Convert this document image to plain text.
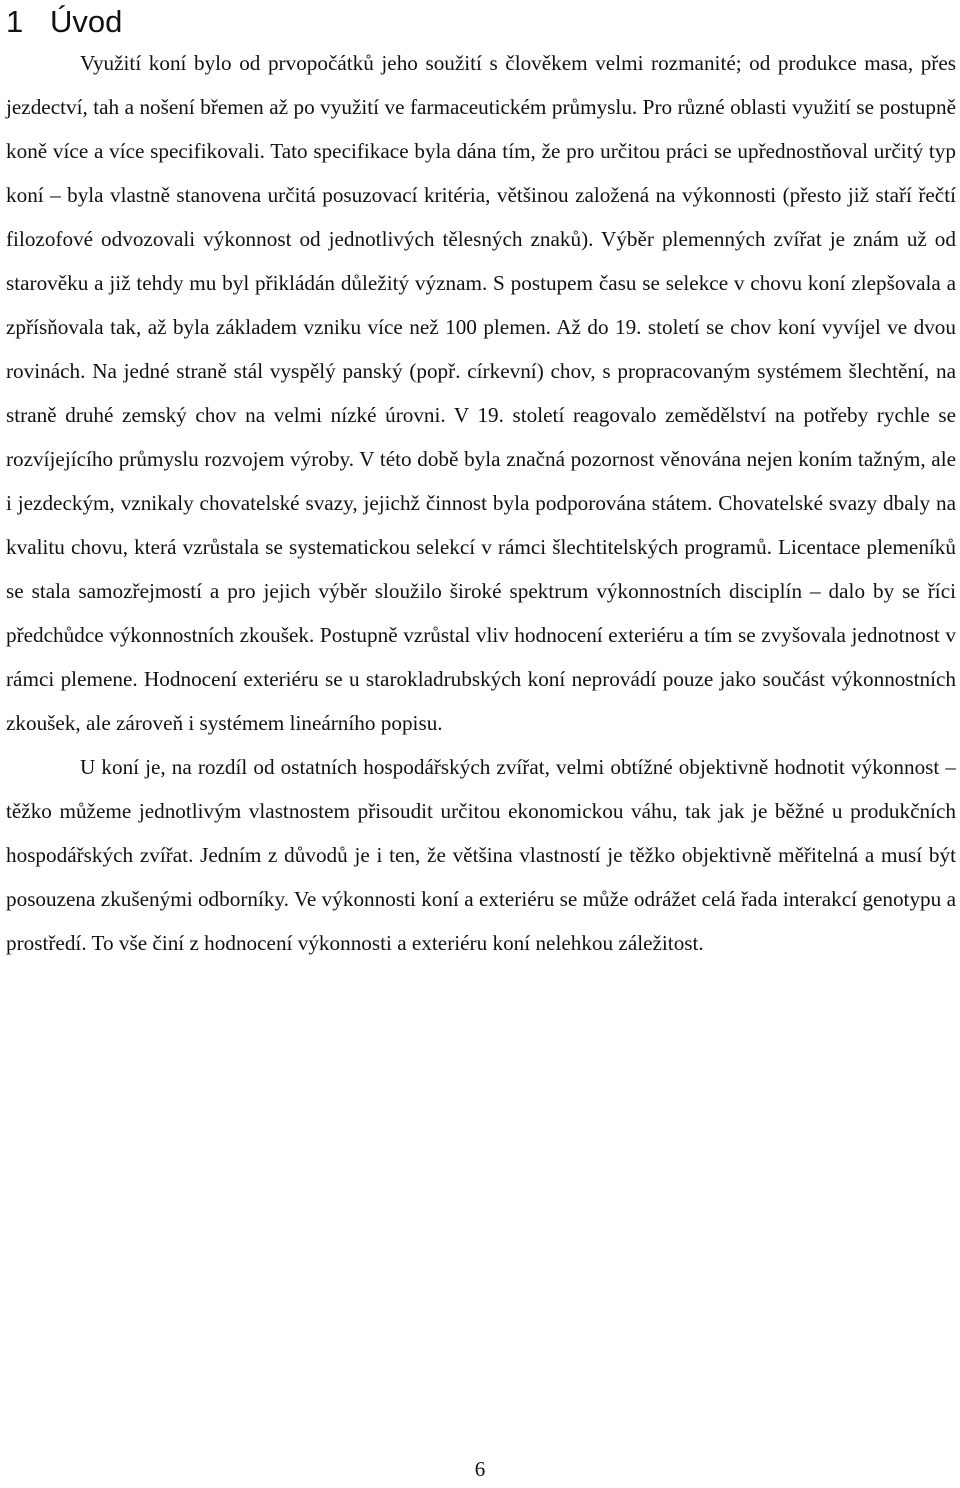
1 Úvod

Využití koní bylo od prvopočátků jeho soužití s člověkem velmi rozmanité; od produkce masa, přes jezdectví, tah a nošení břemen až po využití ve farmaceutickém průmyslu. Pro různé oblasti využití se postupně koně více a více specifikovali. Tato specifikace byla dána tím, že pro určitou práci se upřednostňoval určitý typ koní – byla vlastně stanovena určitá posuzovací kritéria, většinou založená na výkonnosti (přesto již staří řečtí filozofové odvozovali výkonnost od jednotlivých tělesných znaků). Výběr plemenných zvířat je znám už od starověku a již tehdy mu byl přikládán důležitý význam. S postupem času se selekce v chovu koní zlepšovala a zpřísňovala tak, až byla základem vzniku více než 100 plemen. Až do 19. století se chov koní vyvíjel ve dvou rovinách. Na jedné straně stál vyspělý panský (popř. církevní) chov, s propracovaným systémem šlechtění, na straně druhé zemský chov na velmi nízké úrovni. V 19. století reagovalo zemědělství na potřeby rychle se rozvíjejícího průmyslu rozvojem výroby. V této době byla značná pozornost věnována nejen koním tažným, ale i jezdeckým, vznikaly chovatelské svazy, jejichž činnost byla podporována státem. Chovatelské svazy dbaly na kvalitu chovu, která vzrůstala se systematickou selekcí v rámci šlechtitelských programů. Licentace plemeníků se stala samozřejmostí a pro jejich výběr sloužilo široké spektrum výkonnostních disciplín – dalo by se říci předchůdce výkonnostních zkoušek. Postupně vzrůstal vliv hodnocení exteriéru a tím se zvyšovala jednotnost v rámci plemene. Hodnocení exteriéru se u starokladrubských koní neprovádí pouze jako součást výkonnostních zkoušek, ale zároveň i systémem lineárního popisu.

U koní je, na rozdíl od ostatních hospodářských zvířat, velmi obtížné objektivně hodnotit výkonnost – těžko můžeme jednotlivým vlastnostem přisoudit určitou ekonomickou váhu, tak jak je běžné u produkčních hospodářských zvířat. Jedním z důvodů je i ten, že většina vlastností je těžko objektivně měřitelná a musí být posouzena zkušenými odborníky. Ve výkonnosti koní a exteriéru se může odrážet celá řada interakcí genotypu a prostředí. To vše činí z hodnocení výkonnosti a exteriéru koní nelehkou záležitost.

6
